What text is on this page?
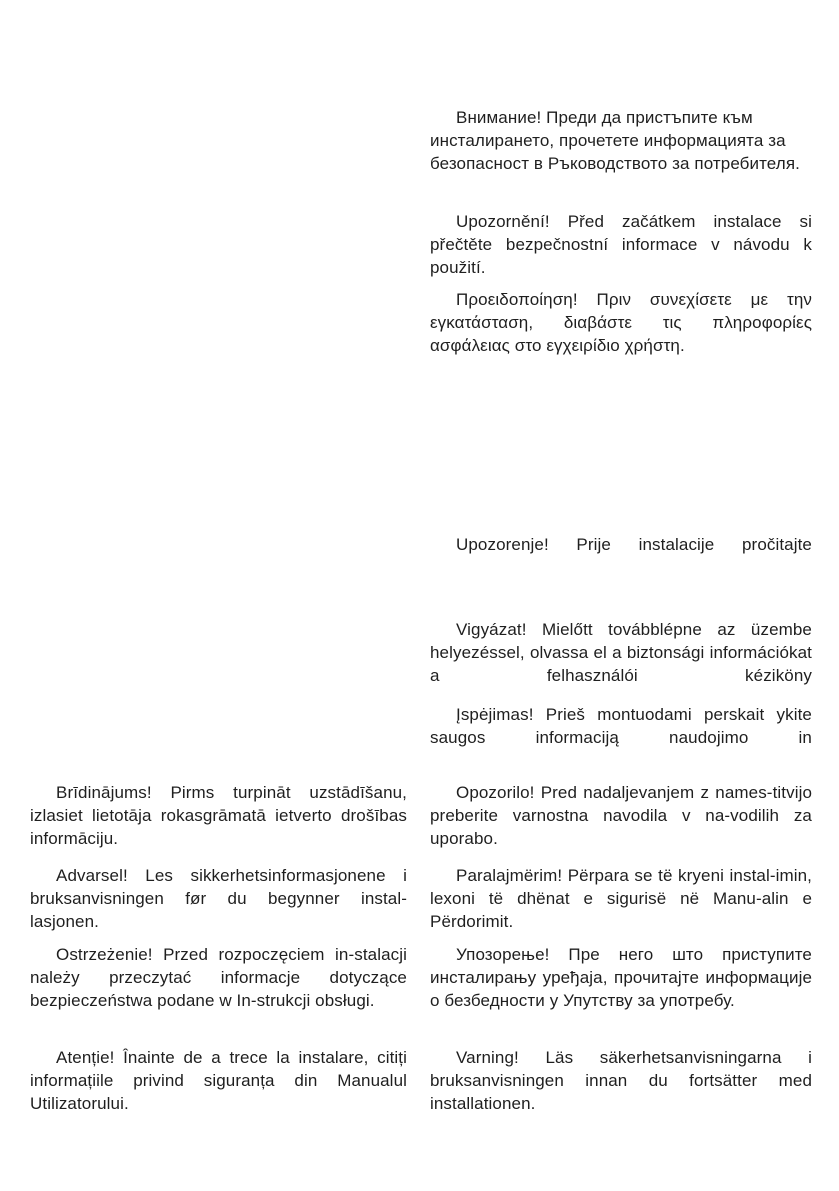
Внимание! Преди да пристъпите към инсталирането, прочетете информацията за безопасност в Ръководството за потребителя.

Upozornění! Před začátkem instalace si přečtěte bezpečnostní informace v návodu k použití.

Προειδοποίηση! Πριν συνεχίσετε με την εγκατάσταση, διαβάστε τις πληροφορίες ασφάλειας στο εγχειρίδιο χρήστη.

Upozorenje! Prije instalacije pročitajte

Vigyázat! Mielőtt továbblépne az üzembe helyezéssel, olvassa el a biztonsági információkat a felhasználói kéziköny

Įspėjimas! Prieš montuodami perskait ykite saugos informaciją naudojimo in

Brīdinājums! Pirms turpināt uzstādīšanu, izlasiet lietotāja rokasgrāmatā ietverto drošības informāciju.

Advarsel! Les sikkerhetsinformasjonene i bruksanvisningen før du begynner instal-lasjonen.

Ostrzeżenie! Przed rozpoczęciem in-stalacji należy przeczytać informacje dotyczące bezpieczeństwa podane w In-strukcji obsługi.

Atenție! Înainte de a trece la instalare, citiți informațiile privind siguranța din Manualul Utilizatorului.

Opozorilo! Pred nadaljevanjem z names-titvijo preberite varnostna navodila v na-vodilih za uporabo.

Paralajmërim! Përpara se të kryeni instal-imin, lexoni të dhënat e sigurisë në Manu-alin e Përdorimit.

Упозорење! Пре него што приступите инсталирању уређаја, прочитајте информације о безбедности у Упутству за употребу.

Varning! Läs säkerhetsanvisningarna i bruksanvisningen innan du fortsätter med installationen.
